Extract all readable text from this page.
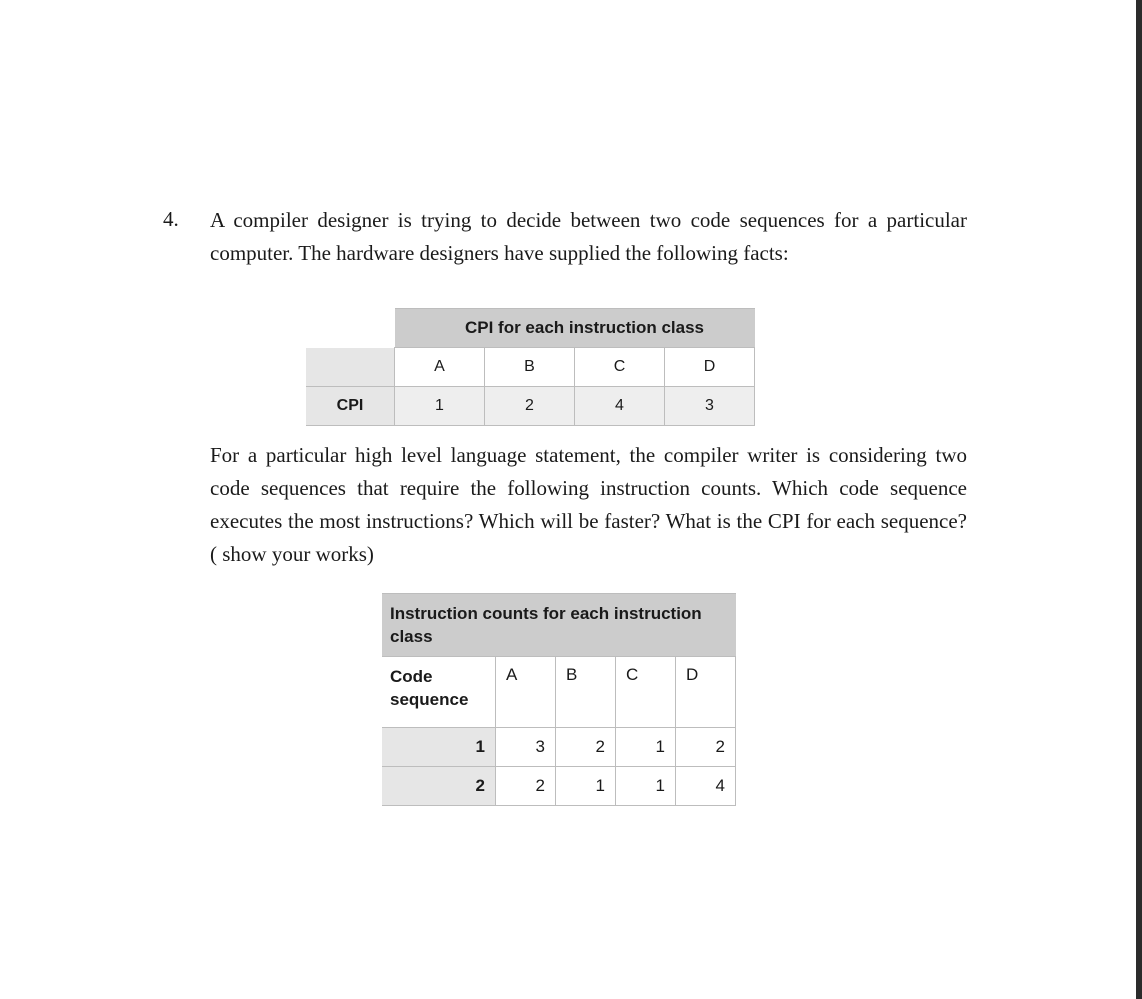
4. A compiler designer is trying to decide between two code sequences for a particular computer. The hardware designers have supplied the following facts:

	CPI for each instruction class			
	A	B	C	D
CPI	1	2	4	3

For a particular high level language statement, the compiler writer is considering two code sequences that require the following instruction counts. Which code sequence executes the most instructions? Which will be faster? What is the CPI for each sequence? ( show your works)

Instruction counts for each instruction class				
Code sequence	A	B	C	D
1	3	2	1	2
2	2	1	1	4
